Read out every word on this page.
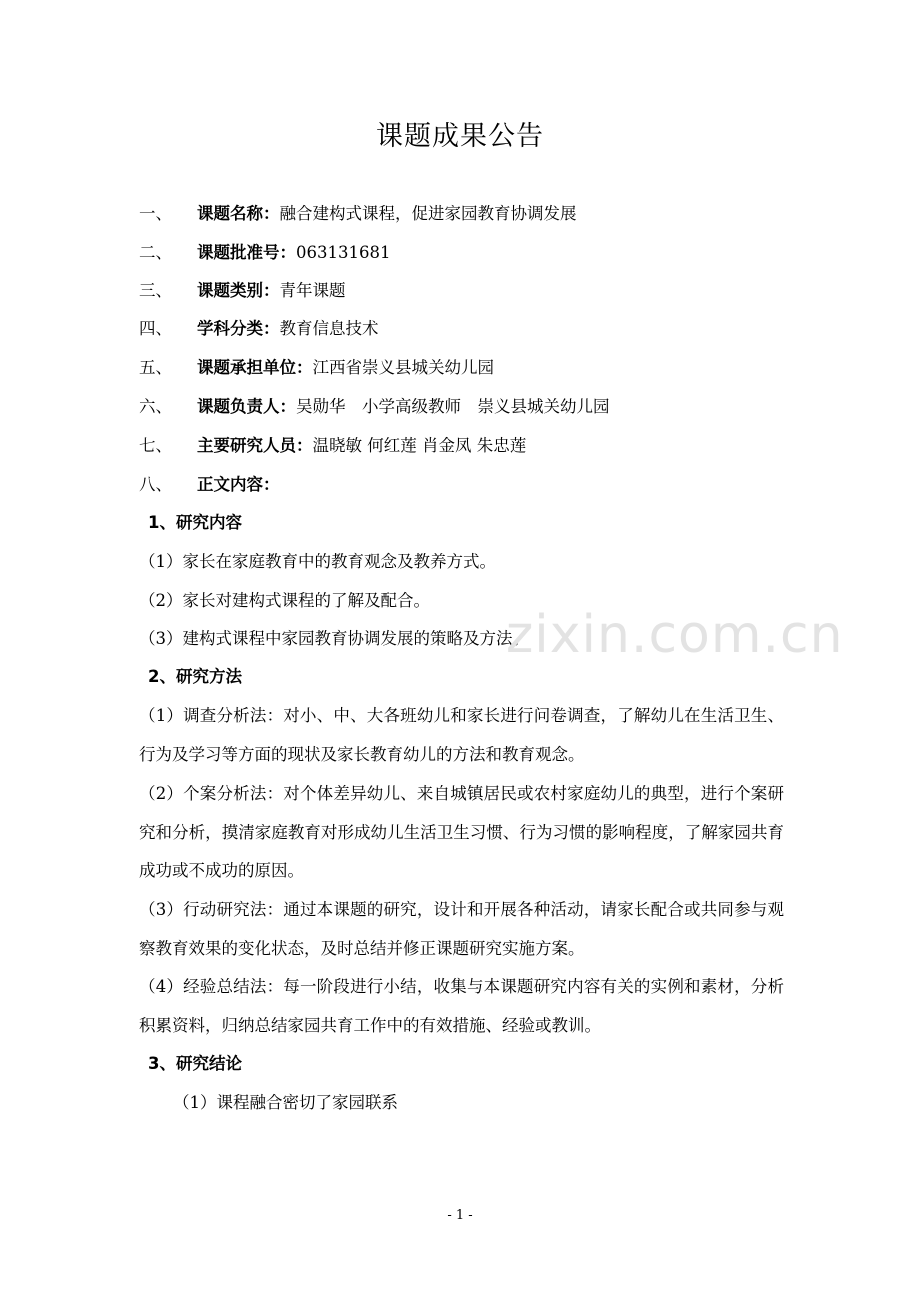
课题成果公告
一、 课题名称：融合建构式课程，促进家园教育协调发展
二、 课题批准号：063131681
三、 课题类别：青年课题
四、 学科分类：教育信息技术
五、 课题承担单位：江西省崇义县城关幼儿园
六、 课题负责人：吴勋华　小学高级教师　崇义县城关幼儿园
七、 主要研究人员：温晓敏 何红莲 肖金凤 朱忠莲
八、 正文内容：
1、研究内容
（1）家长在家庭教育中的教育观念及教养方式。
（2）家长对建构式课程的了解及配合。
（3）建构式课程中家园教育协调发展的策略及方法。
2、研究方法
（1）调查分析法：对小、中、大各班幼儿和家长进行问卷调查，了解幼儿在生活卫生、行为及学习等方面的现状及家长教育幼儿的方法和教育观念。
（2）个案分析法：对个体差异幼儿、来自城镇居民或农村家庭幼儿的典型，进行个案研究和分析，摸清家庭教育对形成幼儿生活卫生习惯、行为习惯的影响程度，了解家园共育成功或不成功的原因。
（3）行动研究法：通过本课题的研究，设计和开展各种活动，请家长配合或共同参与观察教育效果的变化状态，及时总结并修正课题研究实施方案。
（4）经验总结法：每一阶段进行小结，收集与本课题研究内容有关的实例和素材，分析积累资料，归纳总结家园共育工作中的有效措施、经验或教训。
3、研究结论
（1）课程融合密切了家园联系
zixin.com.cn
- 1 -
